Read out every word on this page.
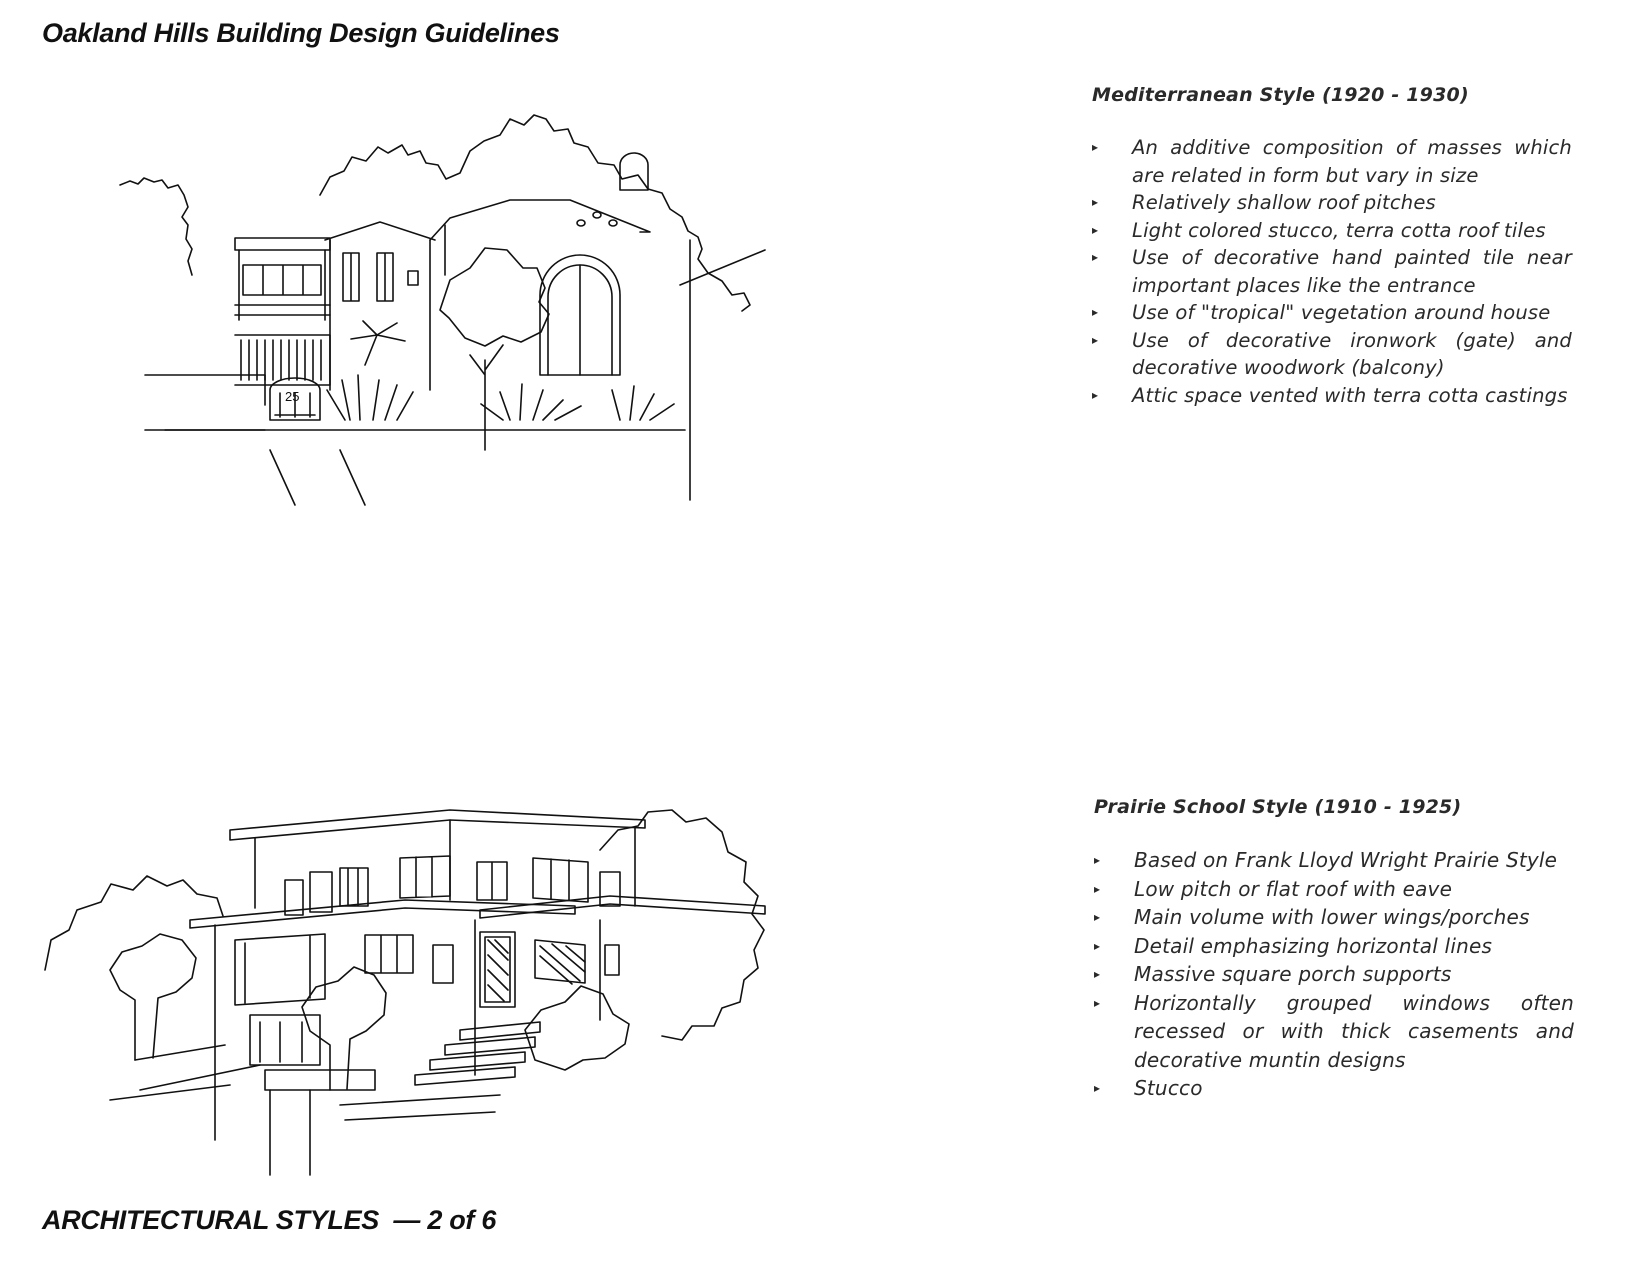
Oakland Hills Building Design Guidelines
25
Mediterranean Style (1920 - 1930)
▸ An additive composition of masses which are related in form but vary in size
▸ Relatively shallow roof pitches
▸ Light colored stucco, terra cotta roof tiles
▸ Use of decorative hand painted tile near important places like the entrance
▸ Use of "tropical" vegetation around house
▸ Use of decorative ironwork (gate) and decorative woodwork (balcony)
▸ Attic space vented with terra cotta castings
Prairie School Style (1910 - 1925)
▸ Based on Frank Lloyd Wright Prairie Style
▸ Low pitch or flat roof with eave
▸ Main volume with lower wings/porches
▸ Detail emphasizing horizontal lines
▸ Massive square porch supports
▸ Horizontally grouped windows often recessed or with thick casements and decorative muntin designs
▸ Stucco
ARCHITECTURAL STYLES  — 2 of 6
